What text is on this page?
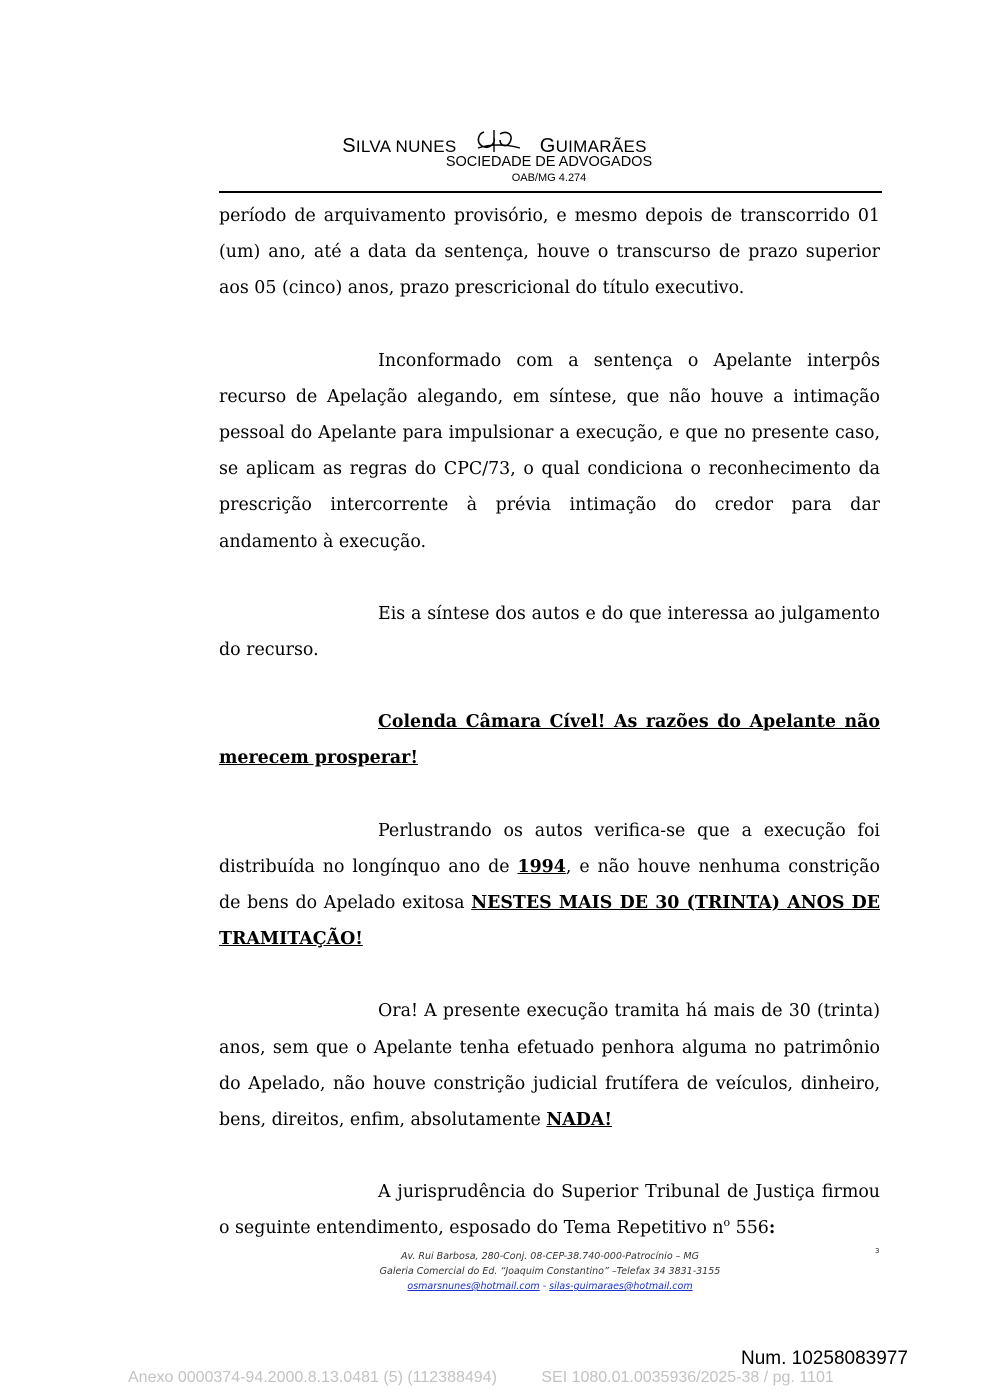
SILVA NUNES	GUIMARÃES
SOCIEDADE DE ADVOGADOS
OAB/MG 4.274

período de arquivamento provisório, e mesmo depois de transcorrido 01 (um) ano, até a data da sentença, houve o transcurso de prazo superior aos 05 (cinco) anos, prazo prescricional do título executivo.

Inconformado com a sentença o Apelante interpôs recurso de Apelação alegando, em síntese, que não houve a intimação pessoal do Apelante para impulsionar a execução, e que no presente caso, se aplicam as regras do CPC/73, o qual condiciona o reconhecimento da prescrição intercorrente à prévia intimação do credor para dar andamento à execução.

Eis a síntese dos autos e do que interessa ao julgamento do recurso.

Colenda Câmara Cível! As razões do Apelante não merecem prosperar!

Perlustrando os autos verifica-se que a execução foi distribuída no longínquo ano de 1994, e não houve nenhuma constrição de bens do Apelado exitosa NESTES MAIS DE 30 (TRINTA) ANOS DE TRAMITAÇÃO!

Ora! A presente execução tramita há mais de 30 (trinta) anos, sem que o Apelante tenha efetuado penhora alguma no patrimônio do Apelado, não houve constrição judicial frutífera de veículos, dinheiro, bens, direitos, enfim, absolutamente NADA!

A jurisprudência do Superior Tribunal de Justiça firmou o seguinte entendimento, esposado do Tema Repetitivo $n^o$ 556:

Av. Rui Barbosa, 280-Conj. 08-CEP-38.740-000-Patrocínio – MG
Galeria Comercial do Ed. “Joaquim Constantino” –Telefax 34 3831-3155
osmarsnunes@hotmail.com - silas-guimaraes@hotmail.com
3
Num. 10258083977
Anexo 0000374-94.2000.8.13.0481 (5) (112388494)	SEI 1080.01.0035936/2025-38 / pg. 1101
